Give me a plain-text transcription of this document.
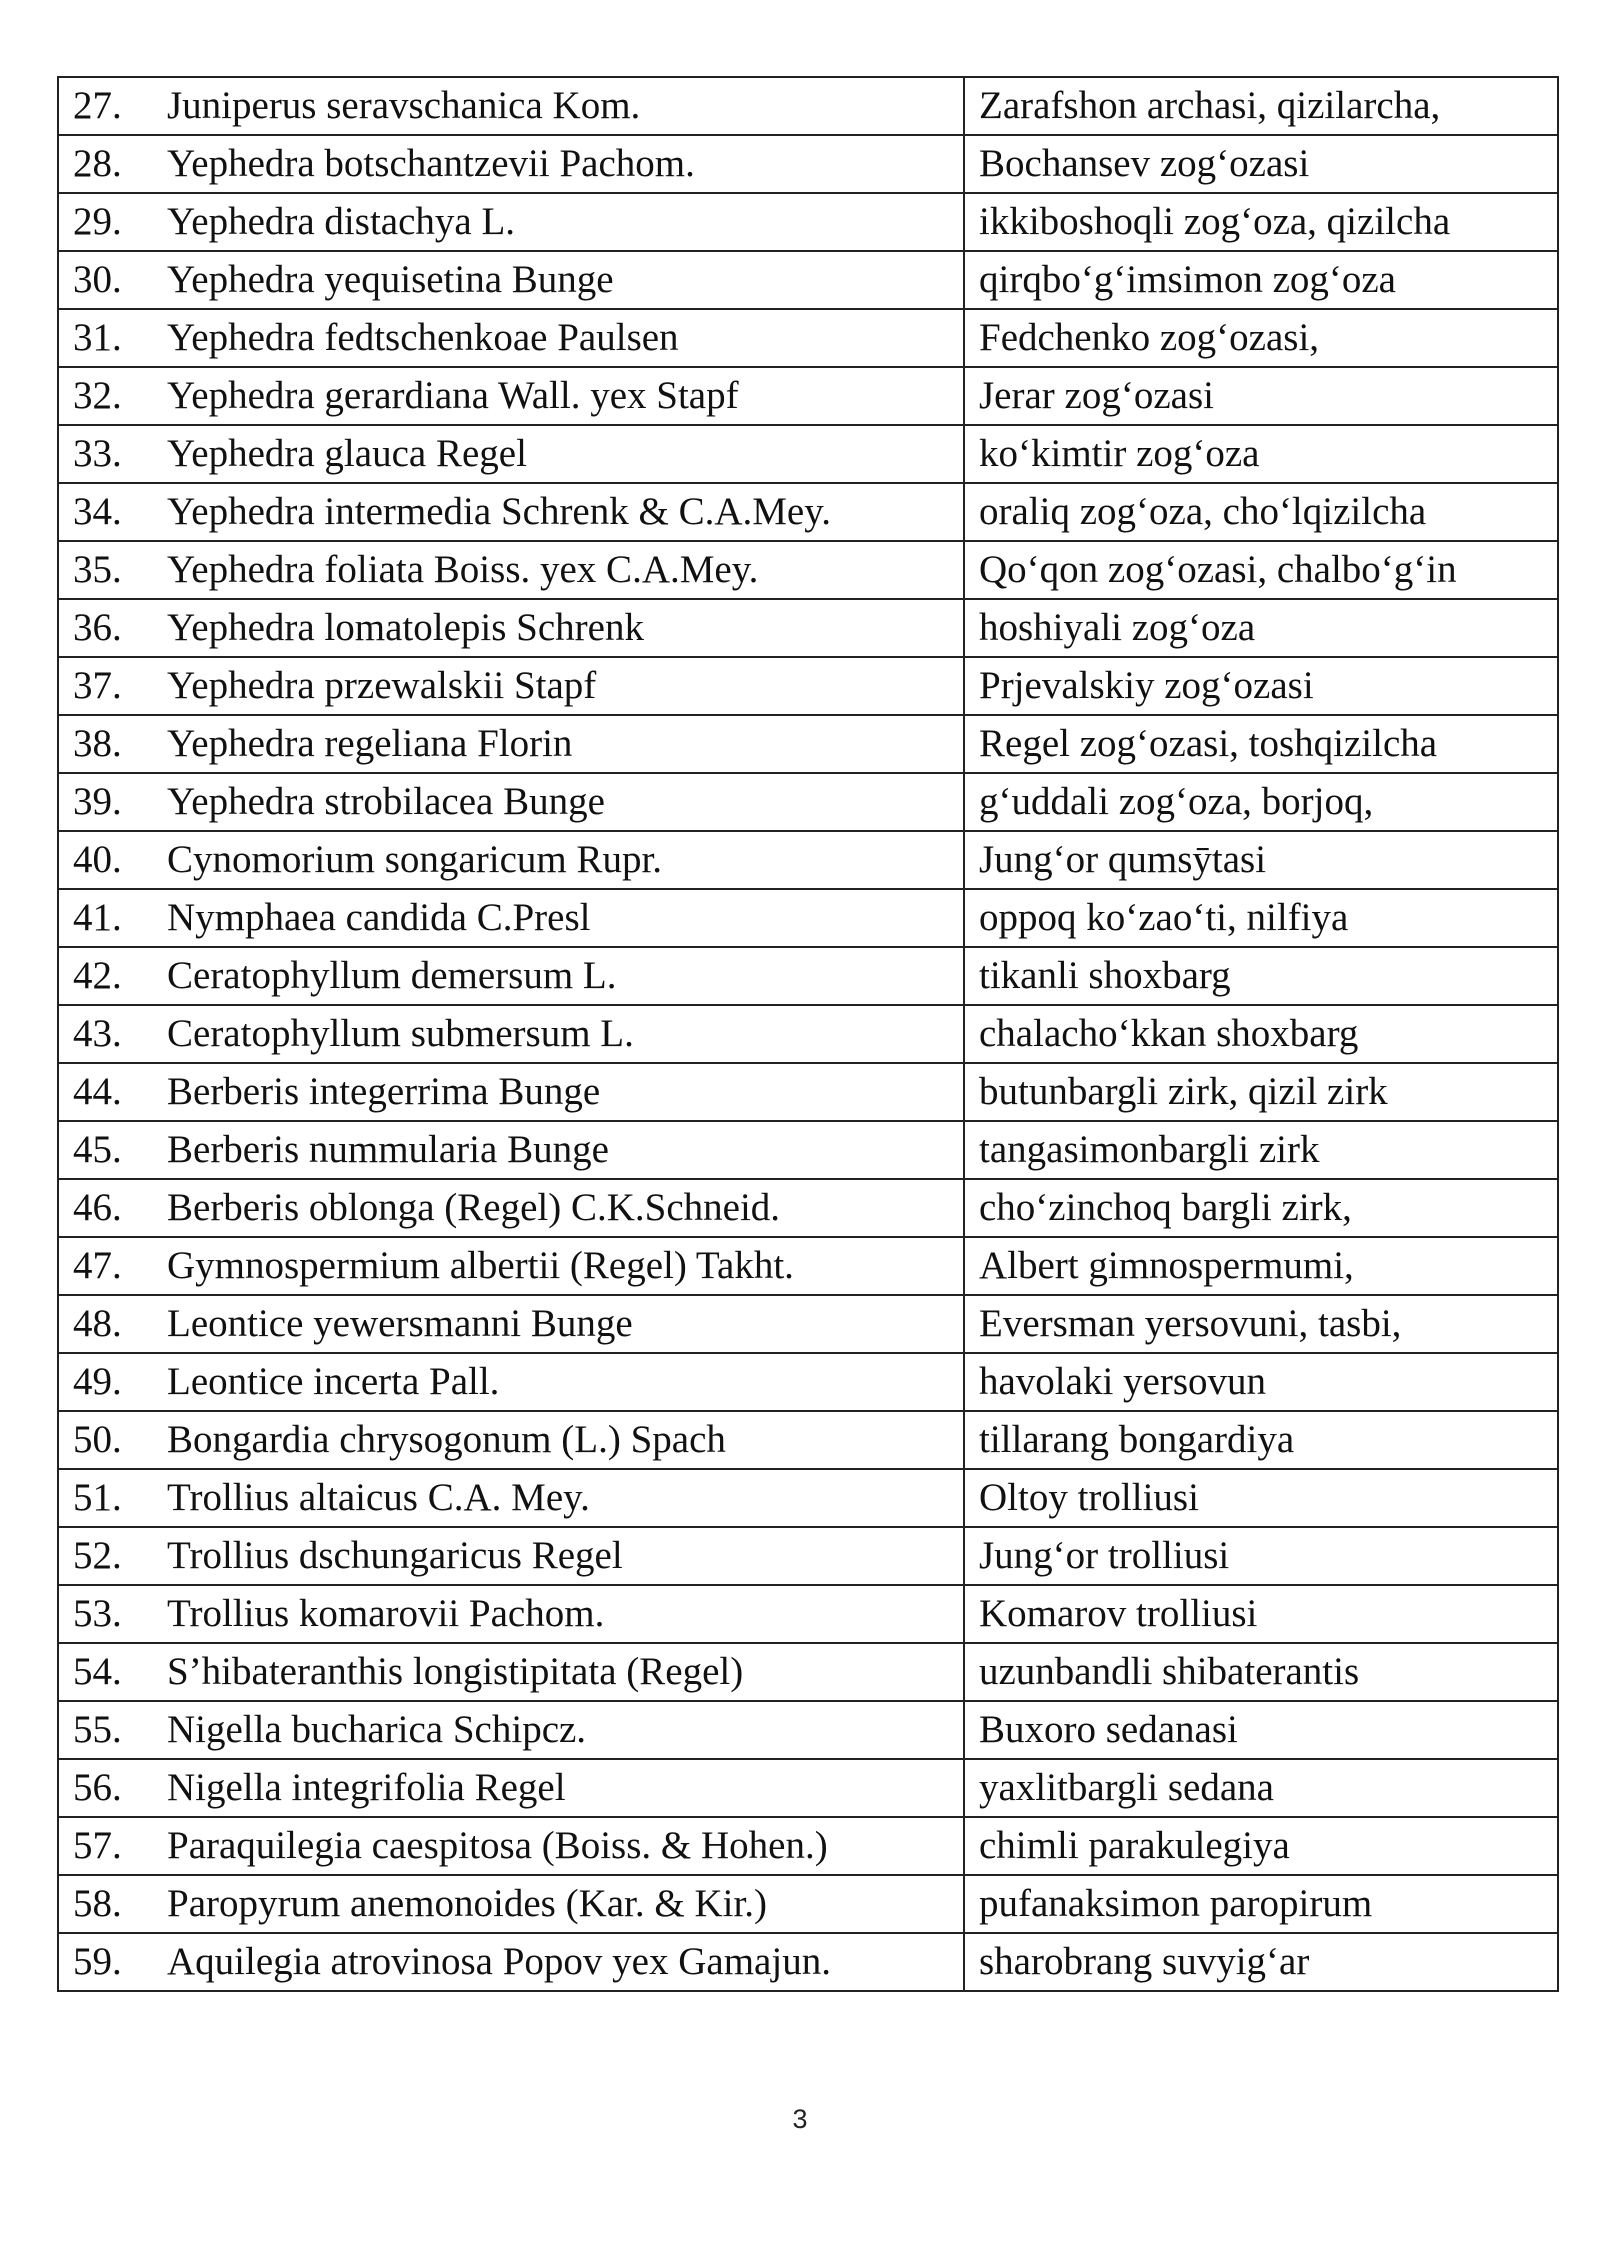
27. Juniperus seravschanica Kom.	Zarafshon archasi, qizilarcha,
28. Yephedra botschantzevii Pachom.	Bochansev zog‘ozasi
29. Yephedra distachya L.	ikkiboshoqli zog‘oza, qizilcha
30. Yephedra yequisetina Bunge	qirqbo‘g‘imsimon zog‘oza
31. Yephedra fedtschenkoae Paulsen	Fedchenko zog‘ozasi,
32. Yephedra gerardiana Wall. yex Stapf	Jerar zog‘ozasi
33. Yephedra glauca Regel	ko‘kimtir zog‘oza
34. Yephedra intermedia Schrenk & C.A.Mey.	oraliq zog‘oza, cho‘lqizilcha
35. Yephedra foliata Boiss. yex C.A.Mey.	Qo‘qon zog‘ozasi, chalbo‘g‘in
36. Yephedra lomatolepis Schrenk	hoshiyali zog‘oza
37. Yephedra przewalskii Stapf	Prjevalskiy zog‘ozasi
38. Yephedra regeliana Florin	Regel zog‘ozasi, toshqizilcha
39. Yephedra strobilacea Bunge	g‘uddali zog‘oza, borjoq,
40. Cynomorium songaricum Rupr.	Jung‘or qumsӯtasi
41. Nymphaea candida C.Presl	oppoq ko‘zao‘ti, nilfiya
42. Ceratophyllum demersum L.	tikanli shoxbarg
43. Ceratophyllum submersum L.	chalacho‘kkan shoxbarg
44. Berberis integerrima Bunge	butunbargli zirk, qizil zirk
45. Berberis nummularia Bunge	tangasimonbargli zirk
46. Berberis oblonga (Regel) C.K.Schneid.	cho‘zinchoq bargli zirk,
47. Gymnospermium albertii (Regel) Takht.	Albert gimnospermumi,
48. Leontice yewersmanni Bunge	Eversman yersovuni, tasbi,
49. Leontice incerta Pall.	havolaki yersovun
50. Bongardia chrysogonum (L.) Spach	tillarang bongardiya
51. Trollius altaicus C.A. Mey.	Oltoy trolliusi
52. Trollius dschungaricus Regel	Jung‘or trolliusi
53. Trollius komarovii Pachom.	Komarov trolliusi
54. S’hibateranthis longistipitata (Regel)	uzunbandli shibaterantis
55. Nigella bucharica Schipcz.	Buxoro sedanasi
56. Nigella integrifolia Regel	yaxlitbargli sedana
57. Paraquilegia caespitosa (Boiss. & Hohen.)	chimli parakulegiya
58. Paropyrum anemonoides (Kar. & Kir.)	pufanaksimon paropirum
59. Aquilegia atrovinosa Popov yex Gamajun.	sharobrang suvyig‘ar
3
